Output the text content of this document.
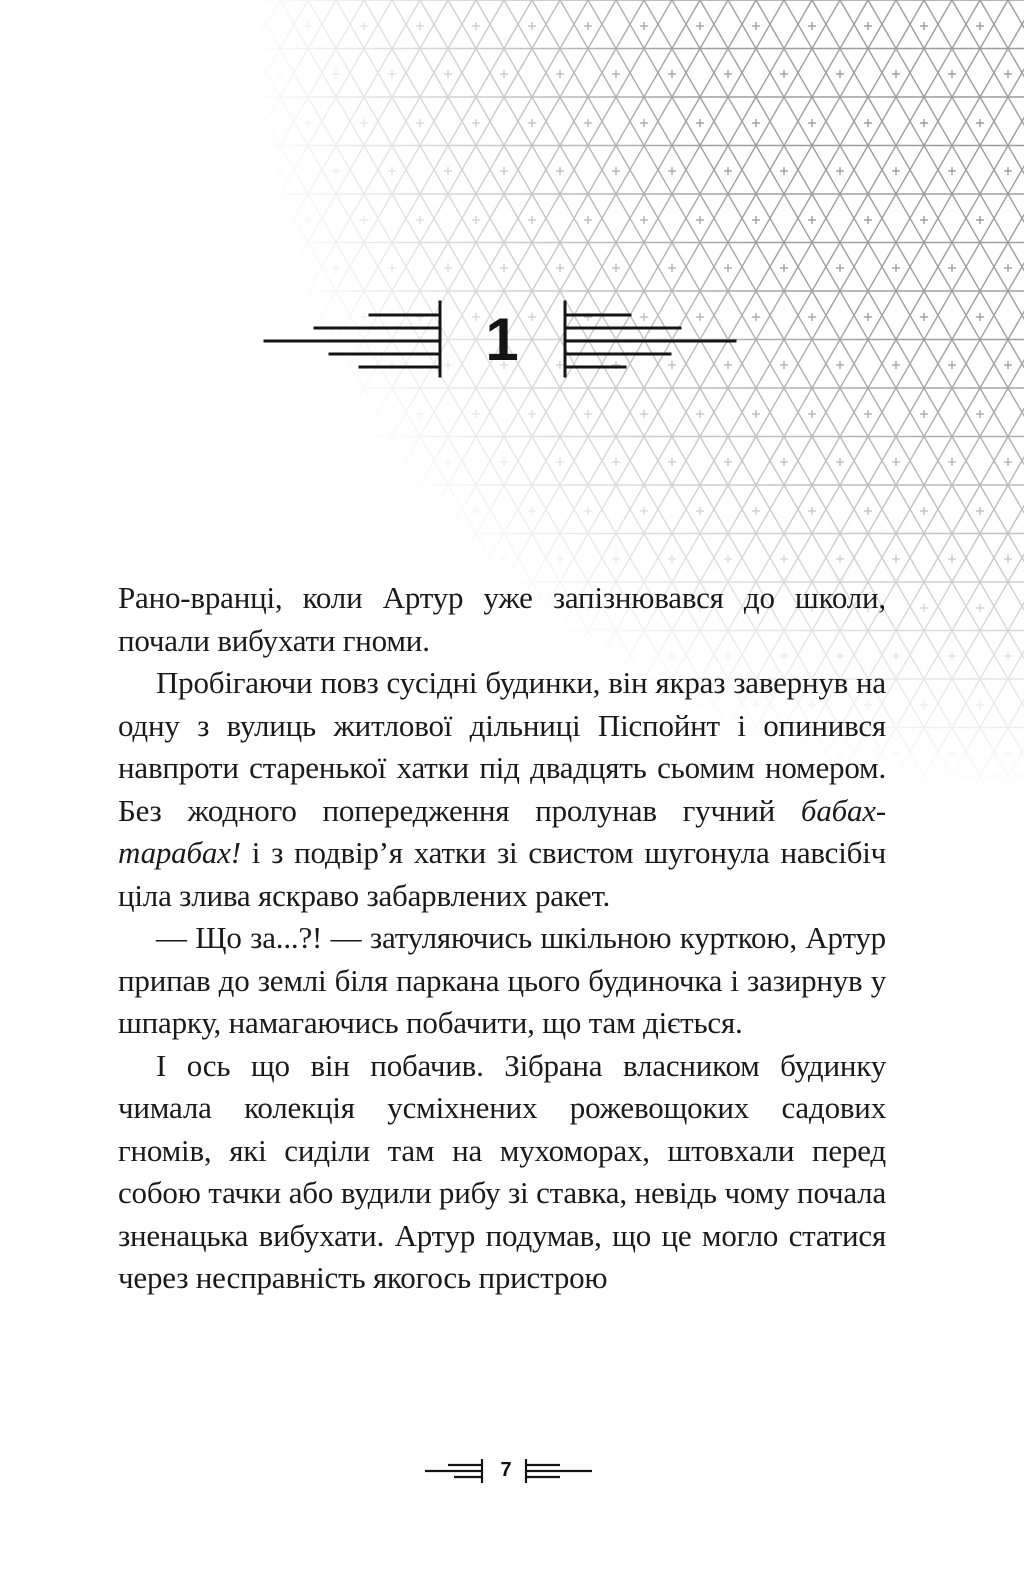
1

Рано-вранці, коли Артур уже запізнювався до школи, почали вибухати гноми.

Пробігаючи повз сусідні будинки, він якраз завернув на одну з вулиць житлової дільниці Піспойнт і опинився навпроти старенької хатки під двадцять сьомим номером. Без жодного попередження пролунав гучний бабах-тарабах! і з подвір’я хатки зі свистом шугонула навсібіч ціла злива яскраво забарвлених ракет.

— Що за...?! — затуляючись шкільною курткою, Артур припав до землі біля паркана цього будиночка і зазирнув у шпарку, намагаючись побачити, що там діється.

І ось що він побачив. Зібрана власником будинку чимала колекція усміхнених рожевощоких садових гномів, які сиділи там на мухоморах, штовхали перед собою тачки або вудили рибу зі ставка, невідь чому почала зненацька вибухати. Артур подумав, що це могло статися через несправність якогось пристрою

7
